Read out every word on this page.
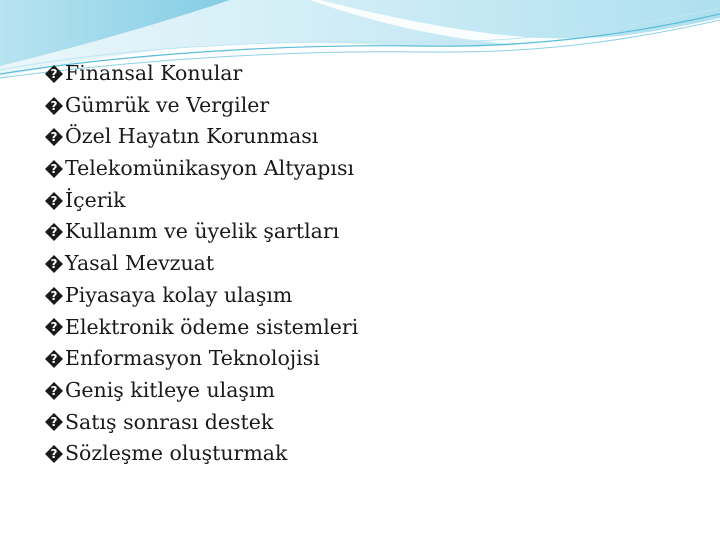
? Finansal Konular
? Gümrük ve Vergiler
? Özel Hayatın Korunması
? Telekomünikasyon Altyapısı
? İçerik
? Kullanım ve üyelik şartları
? Yasal Mevzuat
? Piyasaya kolay ulaşım
? Elektronik ödeme sistemleri
? Enformasyon Teknolojisi
? Geniş kitleye ulaşım
? Satış sonrası destek
? Sözleşme oluşturmak
